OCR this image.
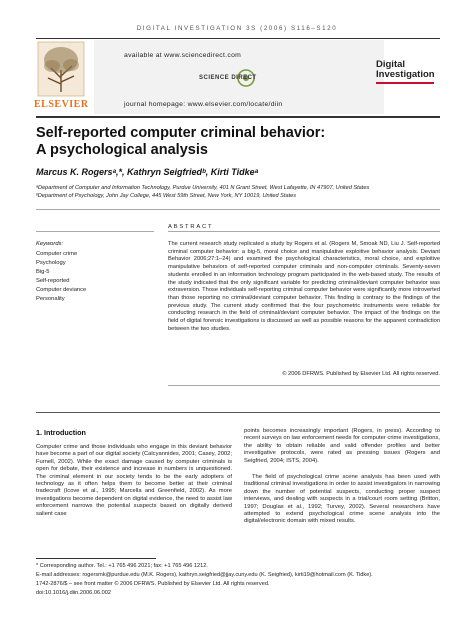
DIGITAL INVESTIGATION 3S (2006) S116–S120
ELSEVIER
available at www.sciencedirect.com
SCIENCE DIRECT
journal homepage: www.elsevier.com/locate/diin
Digital
Investigation
Self-reported computer criminal behavior:
A psychological analysis
Marcus K. Rogersᵃ,*, Kathryn Seigfriedᵇ, Kirti Tidkeᵃ
ᵃDepartment of Computer and Information Technology, Purdue University, 401 N Grant Street, West Lafayette, IN 47907, United States
ᵇDepartment of Psychology, John Jay College, 445 West 59th Street, New York, NY 10019, United States
ABSTRACT
Keywords:
Computer crime
Psychology
Big-5
Self-reported
Computer deviance
Personality
The current research study replicated a study by Rogers et al. (Rogers M, Smoak ND, Liu J. Self-reported criminal computer behavior: a big-5, moral choice and manipulative exploitive behavior analysis. Deviant Behavior 2006;27:1–24) and examined the psychological characteristics, moral choice, and exploitive manipulative behaviors of self-reported computer criminals and non-computer criminals. Seventy-seven students enrolled in an information technology program participated in the web-based study. The results of the study indicated that the only significant variable for predicting criminal/deviant computer behavior was extraversion. Those individuals self-reporting criminal computer behavior were significantly more introverted than those reporting no criminal/deviant computer behavior. This finding is contrary to the findings of the previous study. The current study confirmed that the four psychometric instruments were reliable for conducting research in the field of criminal/deviant computer behavior. The impact of the findings on the field of digital forensic investigations is discussed as well as possible reasons for the apparent contradiction between the two studies.
© 2006 DFRWS. Published by Elsevier Ltd. All rights reserved.
1. Introduction
Computer crime and those individuals who engage in this deviant behavior have become a part of our digital society (Calcyannides, 2001; Casey, 2002; Furnell, 2002). While the exact damage caused by computer criminals is open for debate, their existence and increase in numbers is unquestioned. The criminal element in our society tends to be the early adopters of technology as it often helps them to become better at their criminal tradecraft (Icove et al., 1995; Marcella and Greenfield, 2002). As more investigations become dependent on digital evidence, the need to assist law enforcement narrows the potential suspects based on digitally derived salient case
points becomes increasingly important (Rogers, in press). According to recent surveys on law enforcement needs for computer crime investigations, the ability to obtain reliable and valid offender profiles and better investigative protocols, were rated as pressing issues (Rogers and Seigfried, 2004; ISTS, 2004).
The field of psychological crime scene analysis has been used with traditional criminal investigations in order to assist investigators in narrowing down the number of potential suspects, conducting proper suspect interviews, and dealing with suspects in a trial/court room setting (Britton, 1997; Douglas et al., 1992; Turvey, 2002). Several researchers have attempted to extend psychological crime scene analysis into the digital/electronic domain with mixed results.
* Corresponding author. Tel.: +1 765 496 2021; fax: +1 765 496 1212.
E-mail addresses: rogersmk@purdue.edu (M.K. Rogers), kathryn.seigfried@jjay.cuny.edu (K. Seigfried), kirti19@hotmail.com (K. Tidke).
1742-2876/$ – see front matter © 2006 DFRWS. Published by Elsevier Ltd. All rights reserved.
doi:10.1016/j.diin.2006.06.002
